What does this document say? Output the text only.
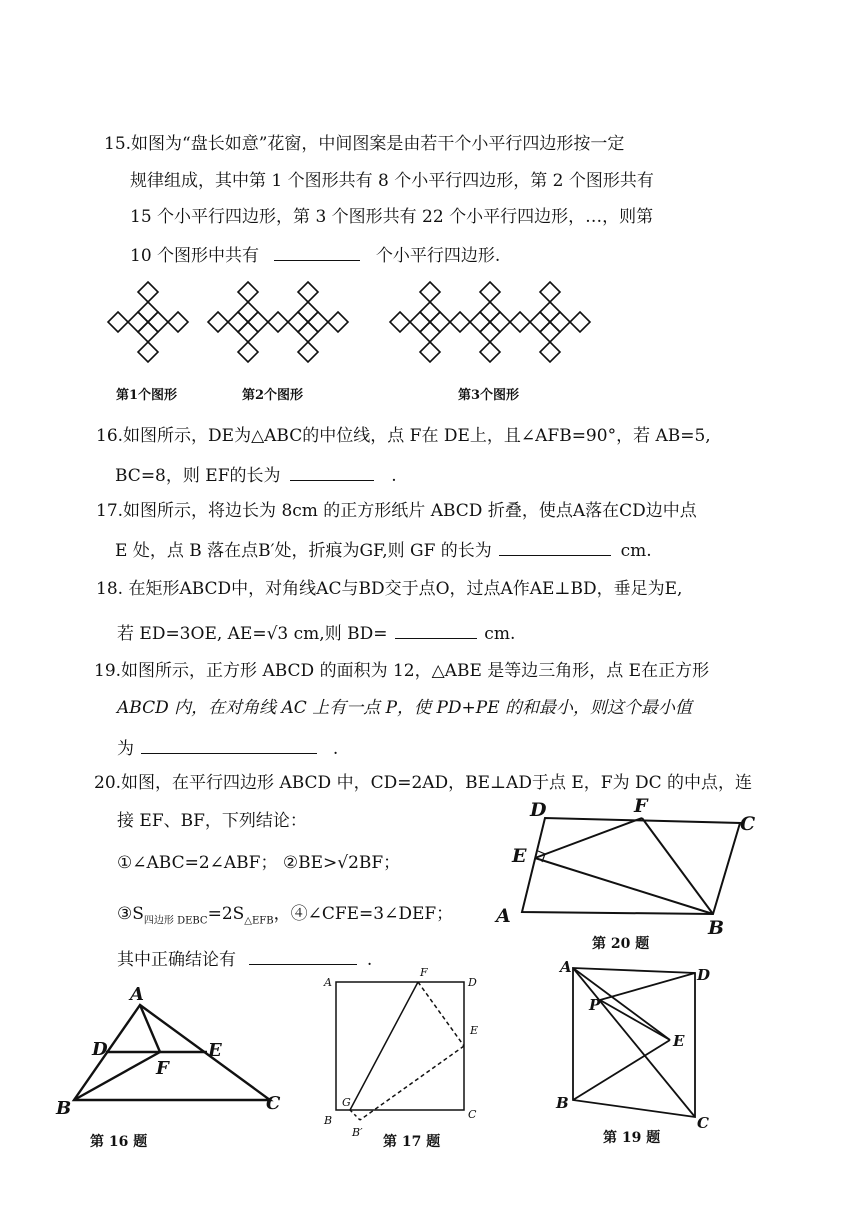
15.如图为“盘长如意”花窗，中间图案是由若干个小平行四边形按一定
规律组成，其中第 1 个图形共有 8 个小平行四边形，第 2 个图形共有
15 个小平行四边形，第 3 个图形共有 22 个小平行四边形，…，则第
10 个图形中共有	个小平行四边形.
第1个图形	第2个图形	第3个图形
16.如图所示，DE为△ABC的中位线，点 F在 DE上，且∠AFB=90°，若 AB=5,
BC=8，则 EF的长为	.
17.如图所示，将边长为 8cm 的正方形纸片 ABCD 折叠，使点A落在CD边中点
E 处，点 B 落在点B′处，折痕为GF,则 GF 的长为	cm.
18. 在矩形ABCD中，对角线AC与BD交于点O，过点A作AE⊥BD，垂足为E,
若 ED=3OE, AE=√3 cm,则 BD=	cm.
19.如图所示，正方形 ABCD 的面积为 12，△ABE 是等边三角形，点 E在正方形
ABCD 内，在对角线 AC 上有一点 P，使 PD+PE 的和最小，则这个最小值
为	.
20.如图，在平行四边形 ABCD 中，CD=2AD，BE⊥AD于点 E，F为 DC 的中点，连
接 EF、BF，下列结论：
①∠ABC=2∠ABF； ②BE>√2BF；
$③S_{四边形 DEBC}=2S_{\triangle EFB}$，④∠CFE=3∠DEF；
其中正确结论有	.
D	F
C
E
A
B
第 20 题
A
D	E
F
B	C
第 16 题
A
F
D
E
G
B
B′
C
第 17 题
A	D
P
E
B
C
第 19 题
